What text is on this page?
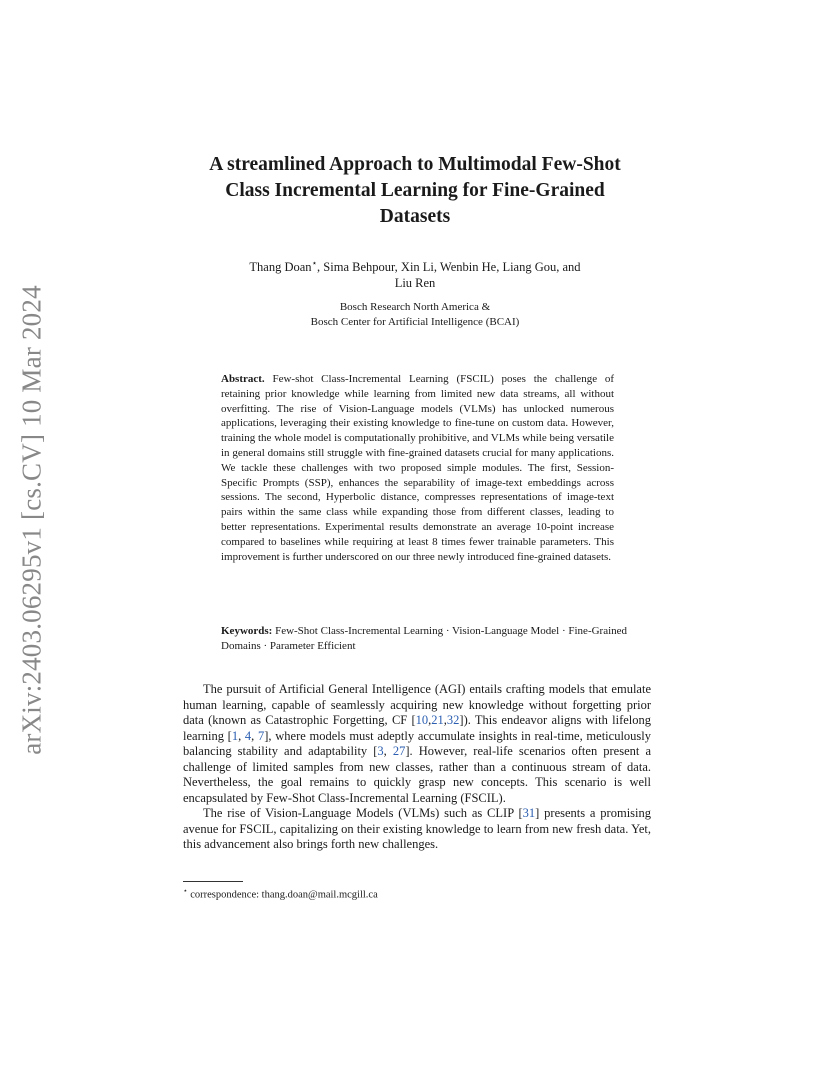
arXiv:2403.06295v1 [cs.CV] 10 Mar 2024
A streamlined Approach to Multimodal Few-Shot
Class Incremental Learning for Fine-Grained
Datasets
Thang Doan⋆, Sima Behpour, Xin Li, Wenbin He, Liang Gou, and
Liu Ren
Bosch Research North America &
Bosch Center for Artificial Intelligence (BCAI)
Abstract. Few-shot Class-Incremental Learning (FSCIL) poses the challenge of retaining prior knowledge while learning from limited new data streams, all without overfitting. The rise of Vision-Language models (VLMs) has unlocked numerous applications, leveraging their existing knowledge to fine-tune on custom data. However, training the whole model is computationally prohibitive, and VLMs while being versatile in general domains still struggle with fine-grained datasets crucial for many applications. We tackle these challenges with two proposed simple modules. The first, Session-Specific Prompts (SSP), enhances the separability of image-text embeddings across sessions. The second, Hyperbolic distance, compresses representations of image-text pairs within the same class while expanding those from different classes, leading to better representations. Experimental results demonstrate an average 10-point increase compared to baselines while requiring at least 8 times fewer trainable parameters. This improvement is further underscored on our three newly introduced fine-grained datasets.
Keywords: Few-Shot Class-Incremental Learning · Vision-Language Model · Fine-Grained Domains · Parameter Efficient

The pursuit of Artificial General Intelligence (AGI) entails crafting models that emulate human learning, capable of seamlessly acquiring new knowledge without forgetting prior data (known as Catastrophic Forgetting, CF [10,21,32]). This endeavor aligns with lifelong learning [1, 4, 7], where models must adeptly accumulate insights in real-time, meticulously balancing stability and adaptability [3, 27]. However, real-life scenarios often present a challenge of limited samples from new classes, rather than a continuous stream of data. Nevertheless, the goal remains to quickly grasp new concepts. This scenario is well encapsulated by Few-Shot Class-Incremental Learning (FSCIL).

The rise of Vision-Language Models (VLMs) such as CLIP [31] presents a promising avenue for FSCIL, capitalizing on their existing knowledge to learn from new fresh data. Yet, this advancement also brings forth new challenges.

⋆ correspondence: thang.doan@mail.mcgill.ca
